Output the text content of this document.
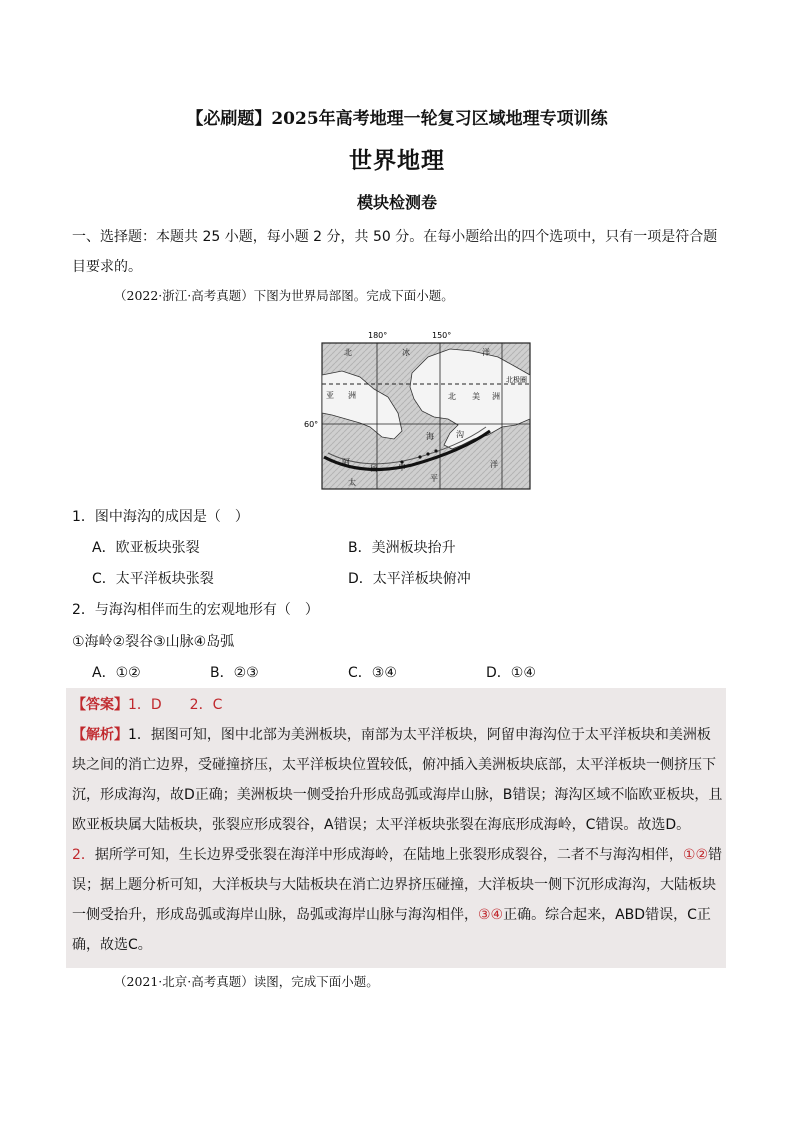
【必刷题】2025年高考地理一轮复习区域地理专项训练
世界地理
模块检测卷
一、选择题：本题共 25 小题，每小题 2 分，共 50 分。在每小题给出的四个选项中，只有一项是符合题目要求的。
（2022·浙江·高考真题）下图为世界局部图。完成下面小题。
180°	150°
60°
北极圈
北	冰	洋
亚 洲	北 美 洲
阿
留	申
海	沟
太	平
洋
1．图中海沟的成因是（　）
A．欧亚板块张裂	B．美洲板块抬升
C．太平洋板块张裂	D．太平洋板块俯冲
2．与海沟相伴而生的宏观地形有（　）
①海岭②裂谷③山脉④岛弧
A．①②	B．②③	C．③④	D．①④
【答案】1．D　　2．C
【解析】1．据图可知，图中北部为美洲板块，南部为太平洋板块，阿留申海沟位于太平洋板块和美洲板块之间的消亡边界，受碰撞挤压，太平洋板块位置较低，俯冲插入美洲板块底部，太平洋板块一侧挤压下沉，形成海沟，故D正确；美洲板块一侧受抬升形成岛弧或海岸山脉，B错误；海沟区域不临欧亚板块，且欧亚板块属大陆板块，张裂应形成裂谷，A错误；太平洋板块张裂在海底形成海岭，C错误。故选D。
2．据所学可知，生长边界受张裂在海洋中形成海岭，在陆地上张裂形成裂谷，二者不与海沟相伴，①②错误；据上题分析可知，大洋板块与大陆板块在消亡边界挤压碰撞，大洋板块一侧下沉形成海沟，大陆板块一侧受抬升，形成岛弧或海岸山脉，岛弧或海岸山脉与海沟相伴，③④正确。综合起来，ABD错误，C正确，故选C。
（2021·北京·高考真题）读图，完成下面小题。
